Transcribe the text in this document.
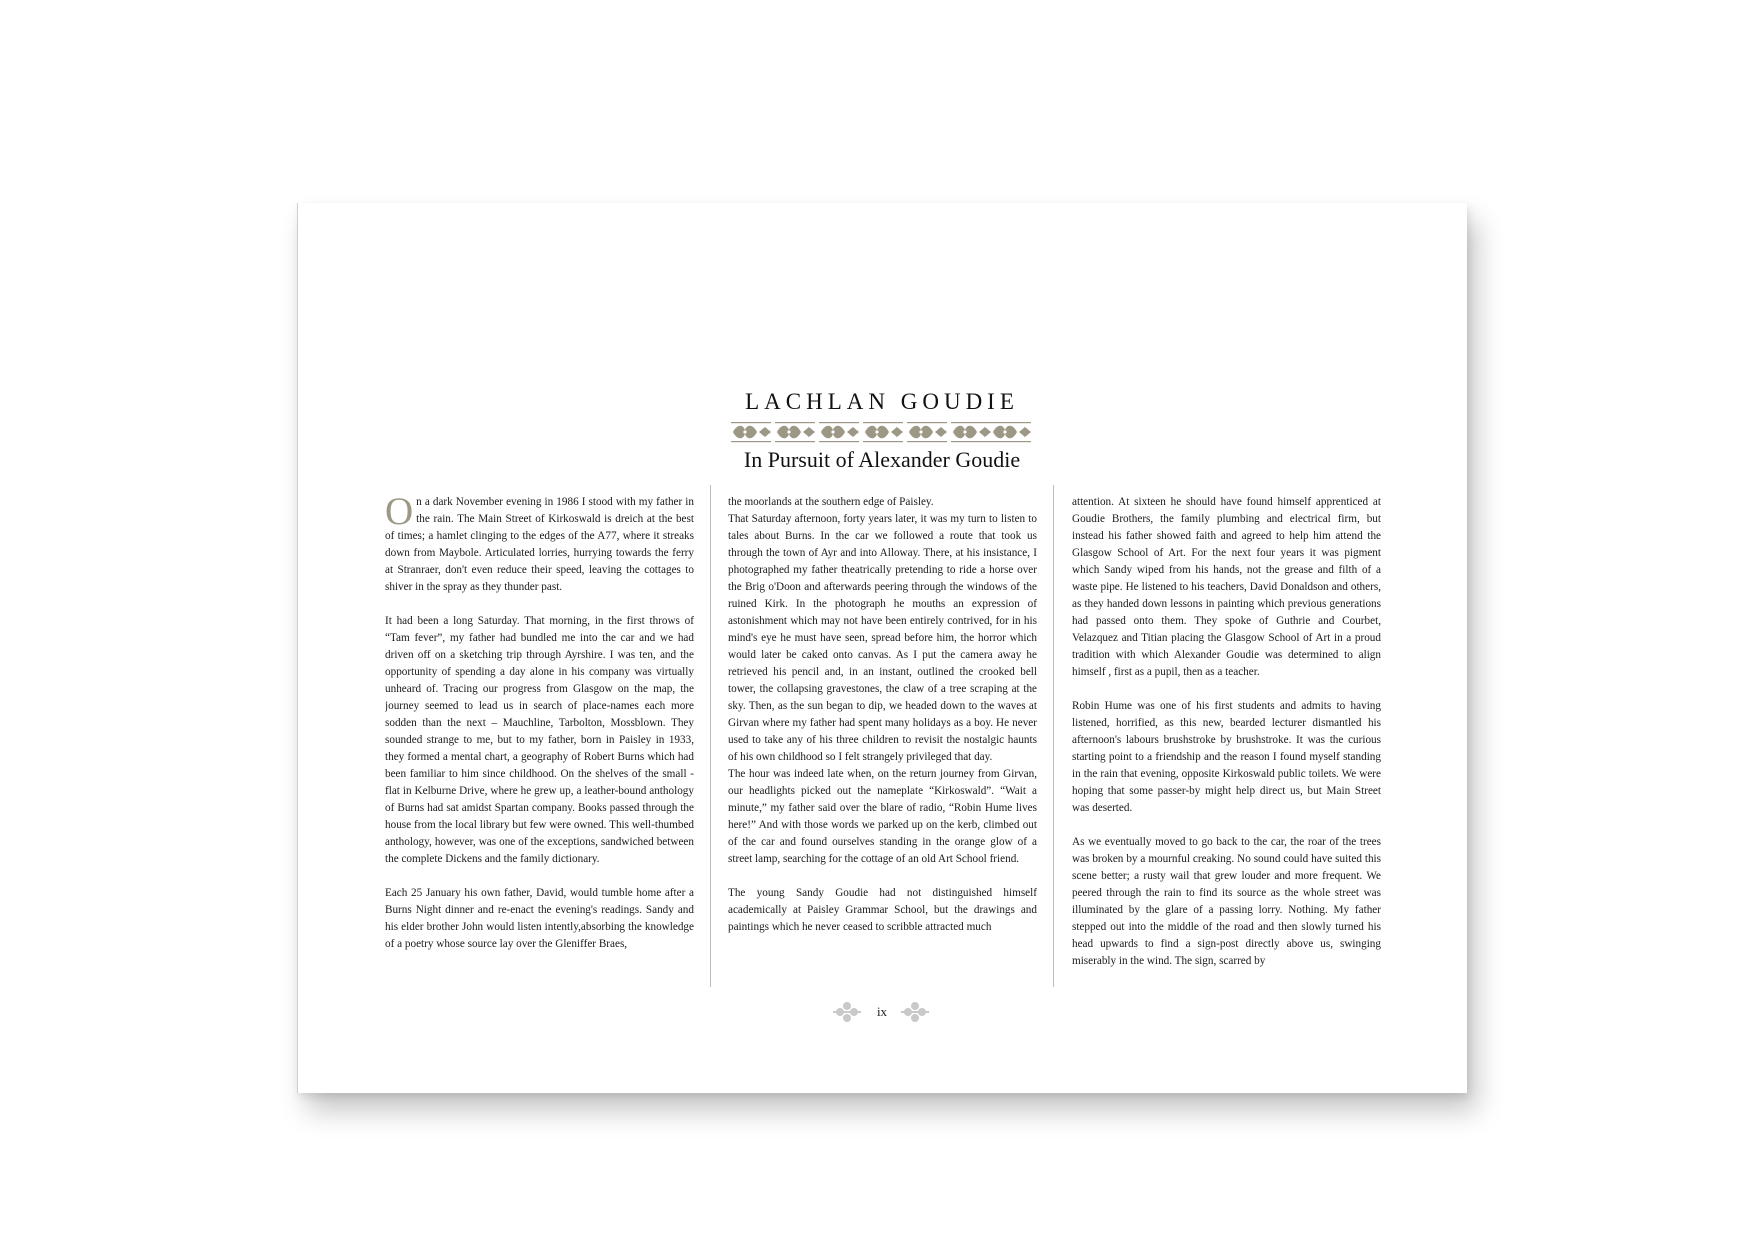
LACHLAN GOUDIE
In Pursuit of Alexander Goudie

On a dark November evening in 1986 I stood with my father in the rain. The Main Street of Kirkoswald is dreich at the best of times; a hamlet clinging to the edges of the A77, where it streaks down from Maybole. Articulated lorries, hurrying towards the ferry at Stranraer, don't even reduce their speed, leaving the cottages to shiver in the spray as they thunder past.

It had been a long Saturday. That morning, in the first throws of “Tam fever”, my father had bundled me into the car and we had driven off on a sketching trip through Ayrshire. I was ten, and the opportunity of spending a day alone in his company was virtually unheard of. Tracing our progress from Glasgow on the map, the journey seemed to lead us in search of place-names each more sodden than the next – Mauchline, Tarbolton, Mossblown. They sounded strange to me, but to my father, born in Paisley in 1933, they formed a mental chart, a geography of Robert Burns which had been familiar to him since childhood. On the shelves of the small - flat in Kelburne Drive, where he grew up, a leather-bound anthology of Burns had sat amidst Spartan company. Books passed through the house from the local library but few were owned. This well-thumbed anthology, however, was one of the exceptions, sandwiched between the complete Dickens and the family dictionary.

Each 25 January his own father, David, would tumble home after a Burns Night dinner and re-enact the evening's readings. Sandy and his elder brother John would listen intently,absorbing the knowledge of a poetry whose source lay over the Gleniffer Braes,

the moorlands at the southern edge of Paisley.

That Saturday afternoon, forty years later, it was my turn to listen to tales about Burns. In the car we followed a route that took us through the town of Ayr and into Alloway. There, at his insistance, I photographed my father theatrically pretending to ride a horse over the Brig o'Doon and afterwards peering through the windows of the ruined Kirk. In the photograph he mouths an expression of astonishment which may not have been entirely contrived, for in his mind's eye he must have seen, spread before him, the horror which would later be caked onto canvas. As I put the camera away he retrieved his pencil and, in an instant, outlined the crooked bell tower, the collapsing gravestones, the claw of a tree scraping at the sky. Then, as the sun began to dip, we headed down to the waves at Girvan where my father had spent many holidays as a boy. He never used to take any of his three children to revisit the nostalgic haunts of his own childhood so I felt strangely privileged that day.

The hour was indeed late when, on the return journey from Girvan, our headlights picked out the nameplate “Kirkoswald”. “Wait a minute,” my father said over the blare of radio, “Robin Hume lives here!” And with those words we parked up on the kerb, climbed out of the car and found ourselves standing in the orange glow of a street lamp, searching for the cottage of an old Art School friend.

The young Sandy Goudie had not distinguished himself academically at Paisley Grammar School, but the drawings and paintings which he never ceased to scribble attracted much

attention. At sixteen he should have found himself apprenticed at Goudie Brothers, the family plumbing and electrical firm, but instead his father showed faith and agreed to help him attend the Glasgow School of Art. For the next four years it was pigment which Sandy wiped from his hands, not the grease and filth of a waste pipe. He listened to his teachers, David Donaldson and others, as they handed down lessons in painting which previous generations had passed onto them. They spoke of Guthrie and Courbet, Velazquez and Titian placing the Glasgow School of Art in a proud tradition with which Alexander Goudie was determined to align himself , first as a pupil, then as a teacher.

Robin Hume was one of his first students and admits to having listened, horrified, as this new, bearded lecturer dismantled his afternoon's labours brushstroke by brushstroke. It was the curious starting point to a friendship and the reason I found myself standing in the rain that evening, opposite Kirkoswald public toilets. We were hoping that some passer-by might help direct us, but Main Street was deserted.

As we eventually moved to go back to the car, the roar of the trees was broken by a mournful creaking. No sound could have suited this scene better; a rusty wail that grew louder and more frequent. We peered through the rain to find its source as the whole street was illuminated by the glare of a passing lorry. Nothing. My father stepped out into the middle of the road and then slowly turned his head upwards to find a sign-post directly above us, swinging miserably in the wind. The sign, scarred by

ix
